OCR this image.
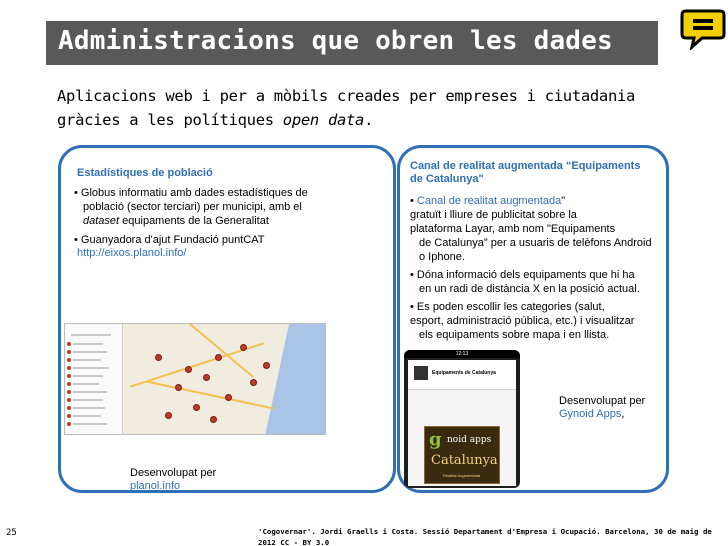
Administracions que obren les dades
Aplicacions web i per a mòbils creades per empreses i ciutadania
gràcies a les polítiques open data.
Estadístiques de població
• Globus informatiu amb dades estadístiques de
població (sector terciari) per municipi, amb el
dataset equipaments de la Generalitat
• Guanyadora d'ajut Fundació puntCAT
http://eixos.planol.info/
Desenvolupat per
planol.info
Canal de realitat augmentada “Equipaments
de Catalunya"
• Canal de realitat augmentada"
gratuït i lliure de publicitat sobre la
plataforma Layar, amb nom "Equipaments
de Catalunya" per a usuaris de telèfons Android
o Iphone.
• Dóna informació dels equipaments que hi ha
en un radi de distància X en la posició actual.
• Es poden escollir les categories (salut,
esport, administració pública, etc.) i visualitzar
els equipaments sobre mapa i en llista.
12:13
Equipaments de Catalunya
g noid apps
Catalunya
Realitat Augmentada
Desenvolupat per
Gynoid Apps,
25	'Cogovernar'. Jordi Graells i Costa. Sessió Departament d'Empresa i Ocupació. Barcelona, 30 de maig de 2012 CC - BY 3.0
